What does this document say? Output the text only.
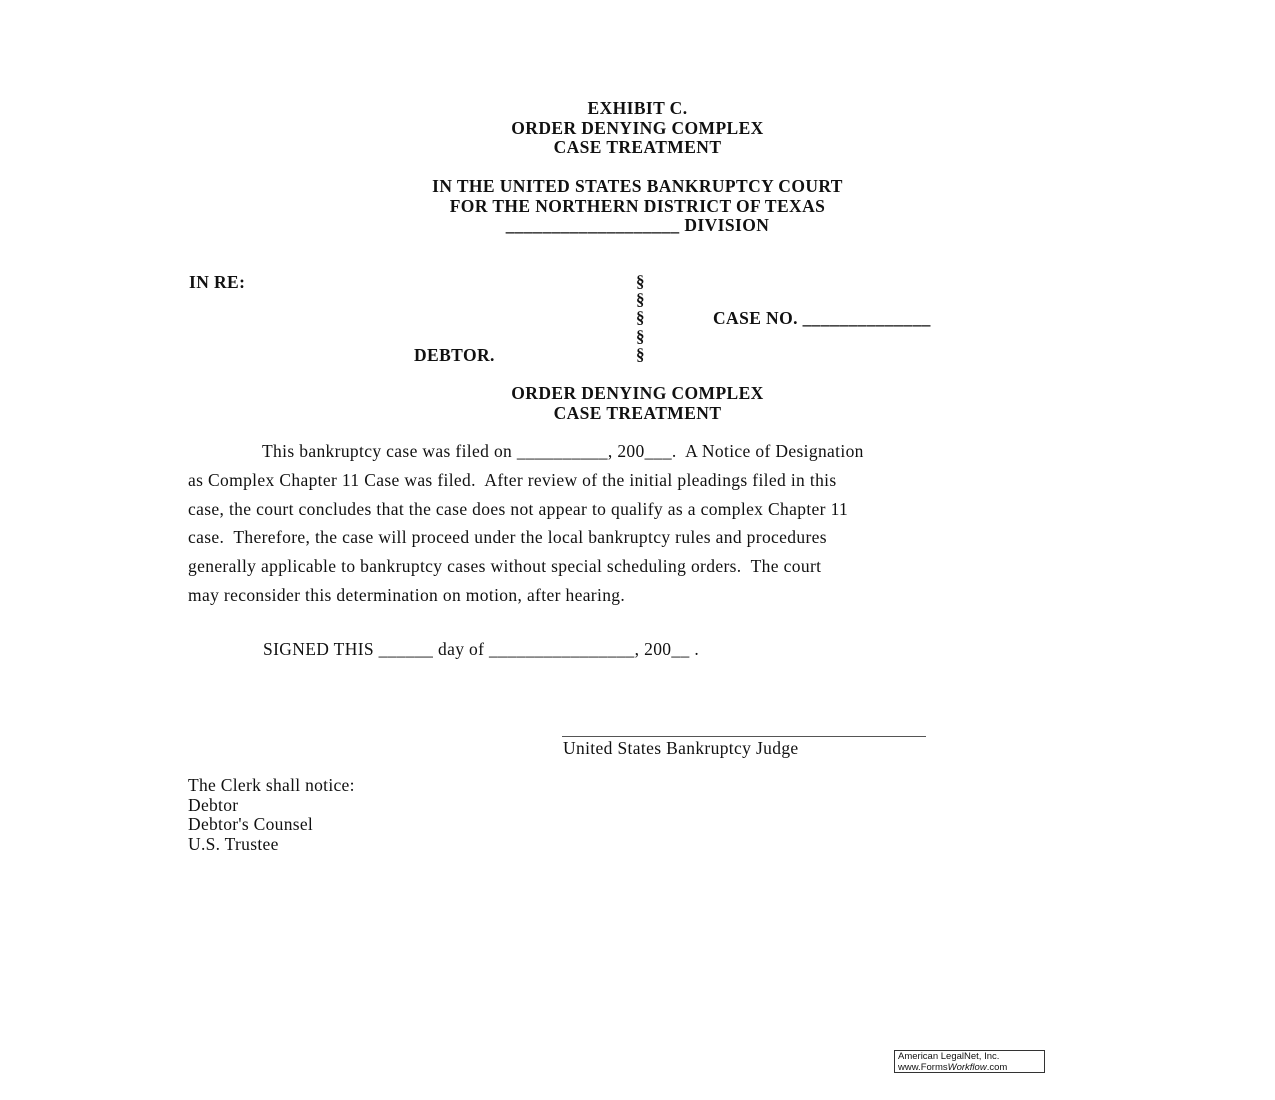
EXHIBIT C.
ORDER DENYING COMPLEX
CASE TREATMENT
IN THE UNITED STATES BANKRUPTCY COURT
FOR THE NORTHERN DISTRICT OF TEXAS
___________________ DIVISION
IN RE:
DEBTOR.
§
§
§
§
§
CASE NO. ______________
ORDER DENYING COMPLEX
CASE TREATMENT
This bankruptcy case was filed on __________, 200___.  A Notice of Designation
as Complex Chapter 11 Case was filed.  After review of the initial pleadings filed in this
case, the court concludes that the case does not appear to qualify as a complex Chapter 11
case.  Therefore, the case will proceed under the local bankruptcy rules and procedures
generally applicable to bankruptcy cases without special scheduling orders.  The court
may reconsider this determination on motion, after hearing.
SIGNED THIS ______ day of ________________, 200__ .
United States Bankruptcy Judge
The Clerk shall notice:
Debtor
Debtor's Counsel
U.S. Trustee
American LegalNet, Inc.
www.FormsWorkflow.com
